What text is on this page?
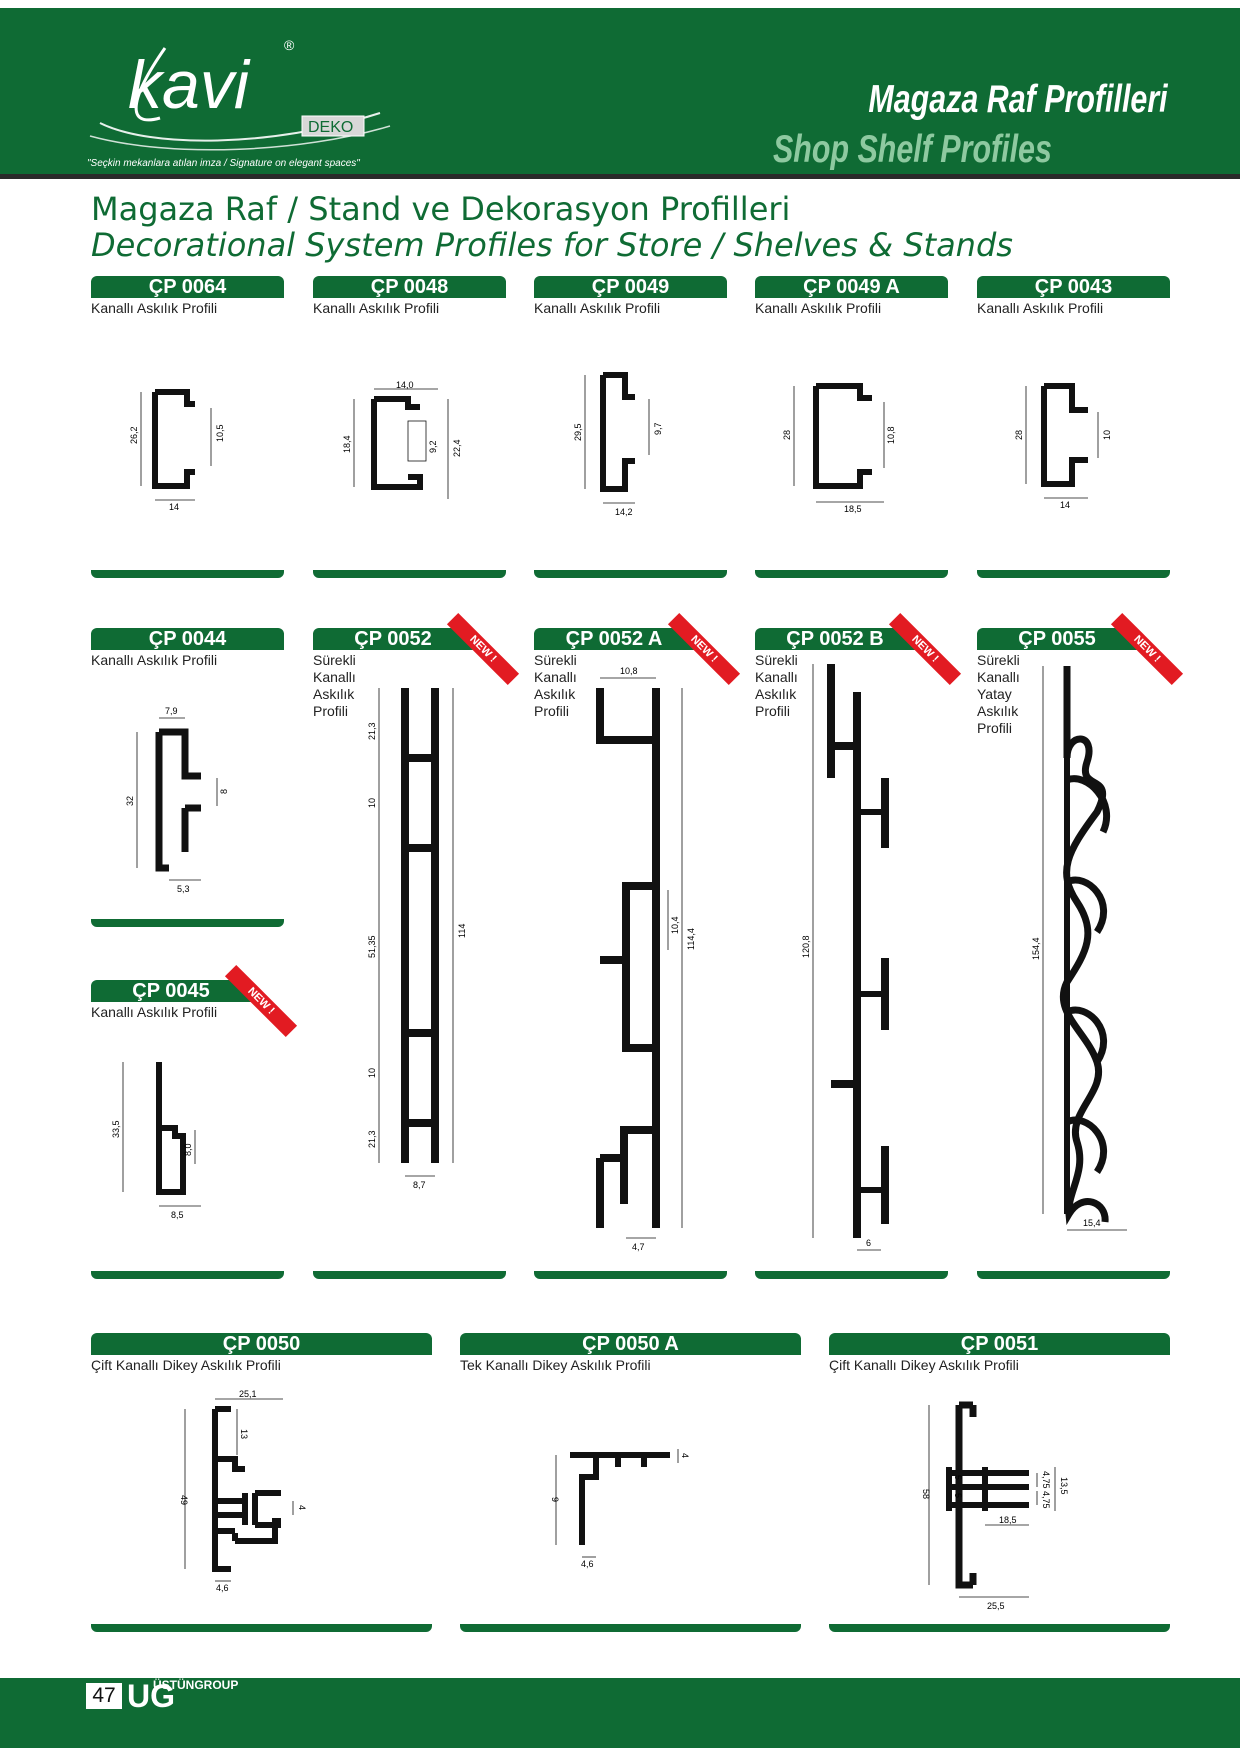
kavi
®
DEKO
"Seçkin mekanlara atılan imza / Signature on elegant spaces"
Magaza Raf Profilleri
Shop Shelf Profiles
Magaza Raf / Stand ve Dekorasyon Profilleri
Decorational System Profiles for Store / Shelves & Stands
ÇP 0064
Kanallı Askılık Profili
26,2	10,5
14
ÇP 0048
Kanallı Askılık Profili
14,0
18,4	9,2 22,4
ÇP 0049
Kanallı Askılık Profili
29,5	9,7
14,2
ÇP 0049 A
Kanallı Askılık Profili
28	10,8
18,5
ÇP 0043
Kanallı Askılık Profili
28	10
14
ÇP 0044
Kanallı Askılık Profili
7,9
32
8
5,3
ÇP 0045	NEW !
Kanallı Askılık Profili
33,5
8,0
8,5
ÇP 0052	NEW !
Sürekli Kanallı Askılık Profili
21,3
10
51,35
10
21,3
114
8,7
ÇP 0052 A	NEW !
Sürekli Kanallı Askılık Profili
10,8
10,4
114,4
4,7
ÇP 0052 B	NEW !
Sürekli Kanallı Askılık Profili
120,8
6
ÇP 0055	NEW !
Sürekli Kanallı Yatay Askılık Profili
154,4
15,4
ÇP 0050
Çift Kanallı Dikey Askılık Profili
25,1
13
49
4
4,6
ÇP 0050 A
Tek Kanallı Dikey Askılık Profili
4
9
4,6
ÇP 0051
Çift Kanallı Dikey Askılık Profili
4,75
5
4,75
5
13,5
58
18,5
25,5
47 UG
ÜSTÜNGROUP
